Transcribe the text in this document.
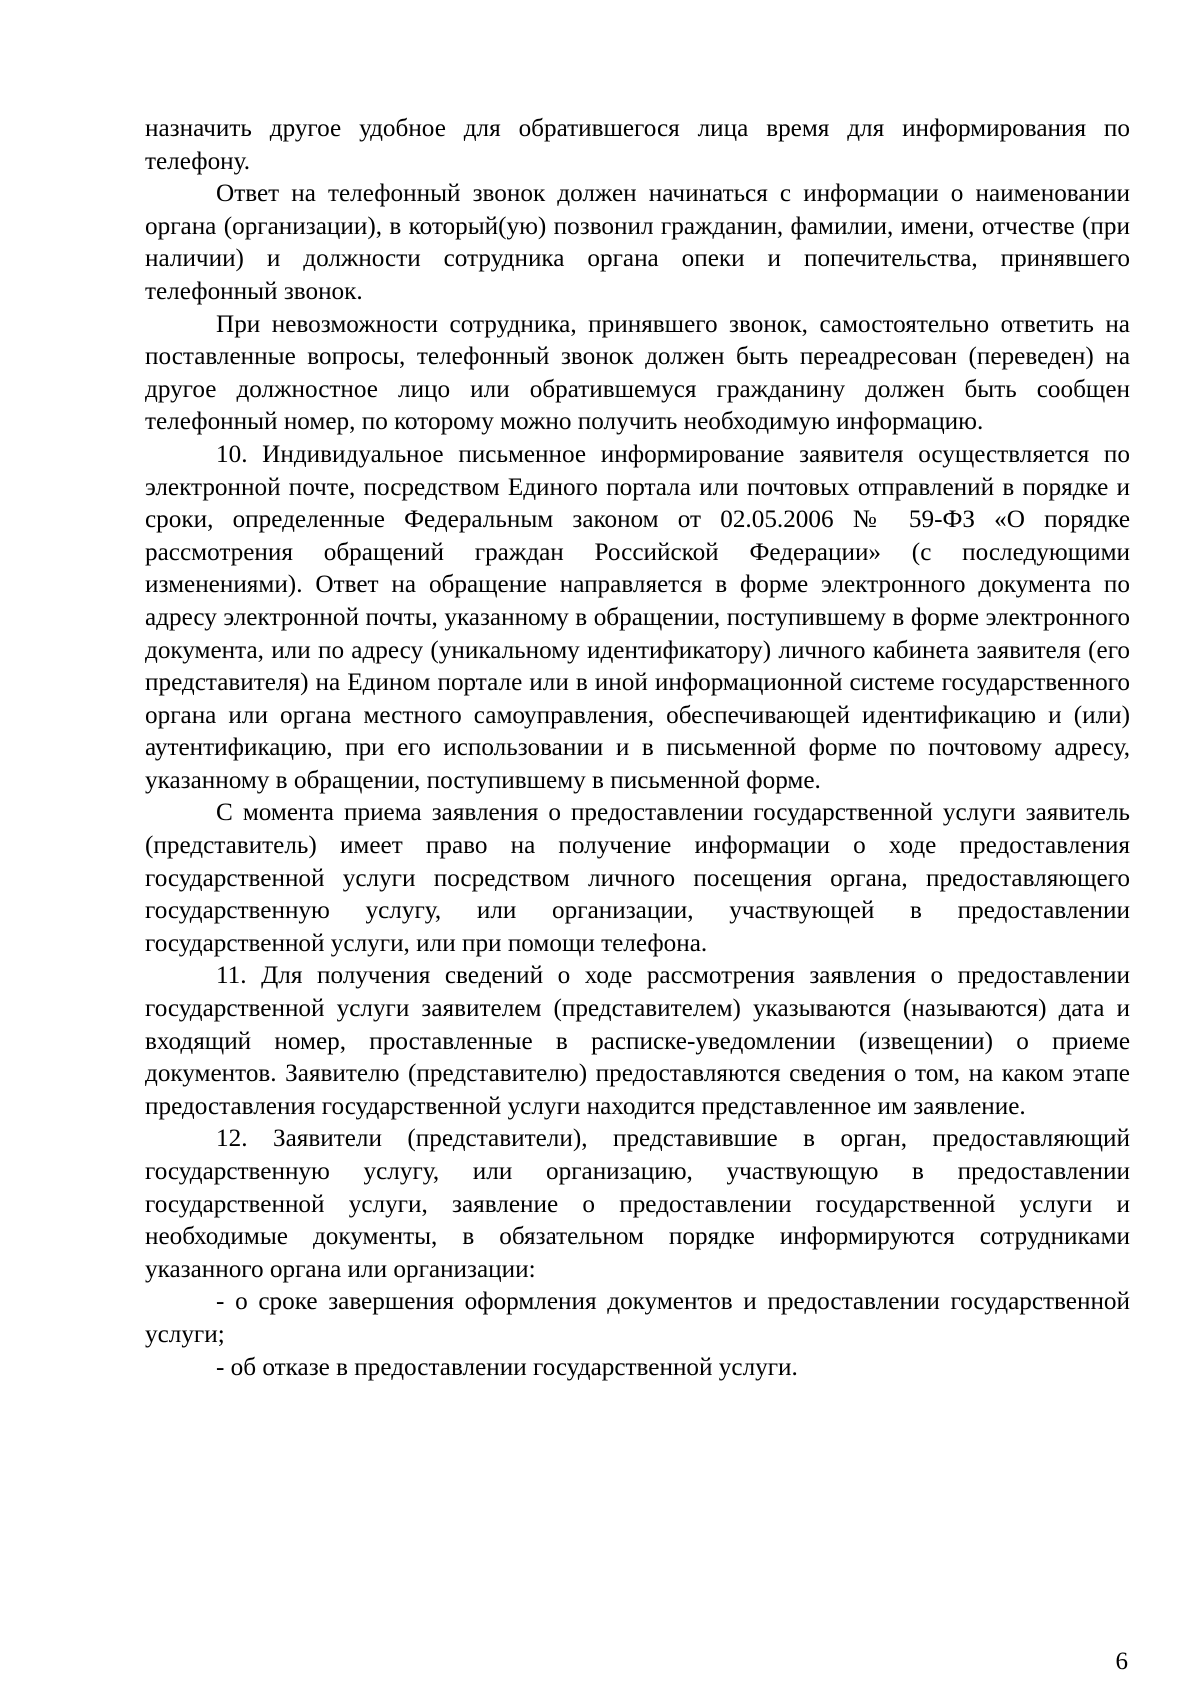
назначить другое удобное для обратившегося лица время для информирования по телефону.

Ответ на телефонный звонок должен начинаться с информации о наименовании органа (организации), в который(ую) позвонил гражданин, фамилии, имени, отчестве (при наличии) и должности сотрудника органа опеки и попечительства, принявшего телефонный звонок.

При невозможности сотрудника, принявшего звонок, самостоятельно ответить на поставленные вопросы, телефонный звонок должен быть переадресован (переведен) на другое должностное лицо или обратившемуся гражданину должен быть сообщен телефонный номер, по которому можно получить необходимую информацию.

10. Индивидуальное письменное информирование заявителя осуществляется по электронной почте, посредством Единого портала или почтовых отправлений в порядке и сроки, определенные Федеральным законом от 02.05.2006 № 59-ФЗ «О порядке рассмотрения обращений граждан Российской Федерации» (с последующими изменениями). Ответ на обращение направляется в форме электронного документа по адресу электронной почты, указанному в обращении, поступившему в форме электронного документа, или по адресу (уникальному идентификатору) личного кабинета заявителя (его представителя) на Едином портале или в иной информационной системе государственного органа или органа местного самоуправления, обеспечивающей идентификацию и (или) аутентификацию, при его использовании и в письменной форме по почтовому адресу, указанному в обращении, поступившему в письменной форме.

С момента приема заявления о предоставлении государственной услуги заявитель (представитель) имеет право на получение информации о ходе предоставления государственной услуги посредством личного посещения органа, предоставляющего государственную услугу, или организации, участвующей в предоставлении государственной услуги, или при помощи телефона.

11. Для получения сведений о ходе рассмотрения заявления о предоставлении государственной услуги заявителем (представителем) указываются (называются) дата и входящий номер, проставленные в расписке-уведомлении (извещении) о приеме документов. Заявителю (представителю) предоставляются сведения о том, на каком этапе предоставления государственной услуги находится представленное им заявление.

12. Заявители (представители), представившие в орган, предоставляющий государственную услугу, или организацию, участвующую в предоставлении государственной услуги, заявление о предоставлении государственной услуги и необходимые документы, в обязательном порядке информируются сотрудниками указанного органа или организации:

- о сроке завершения оформления документов и предоставлении государственной услуги;

- об отказе в предоставлении государственной услуги.

6
